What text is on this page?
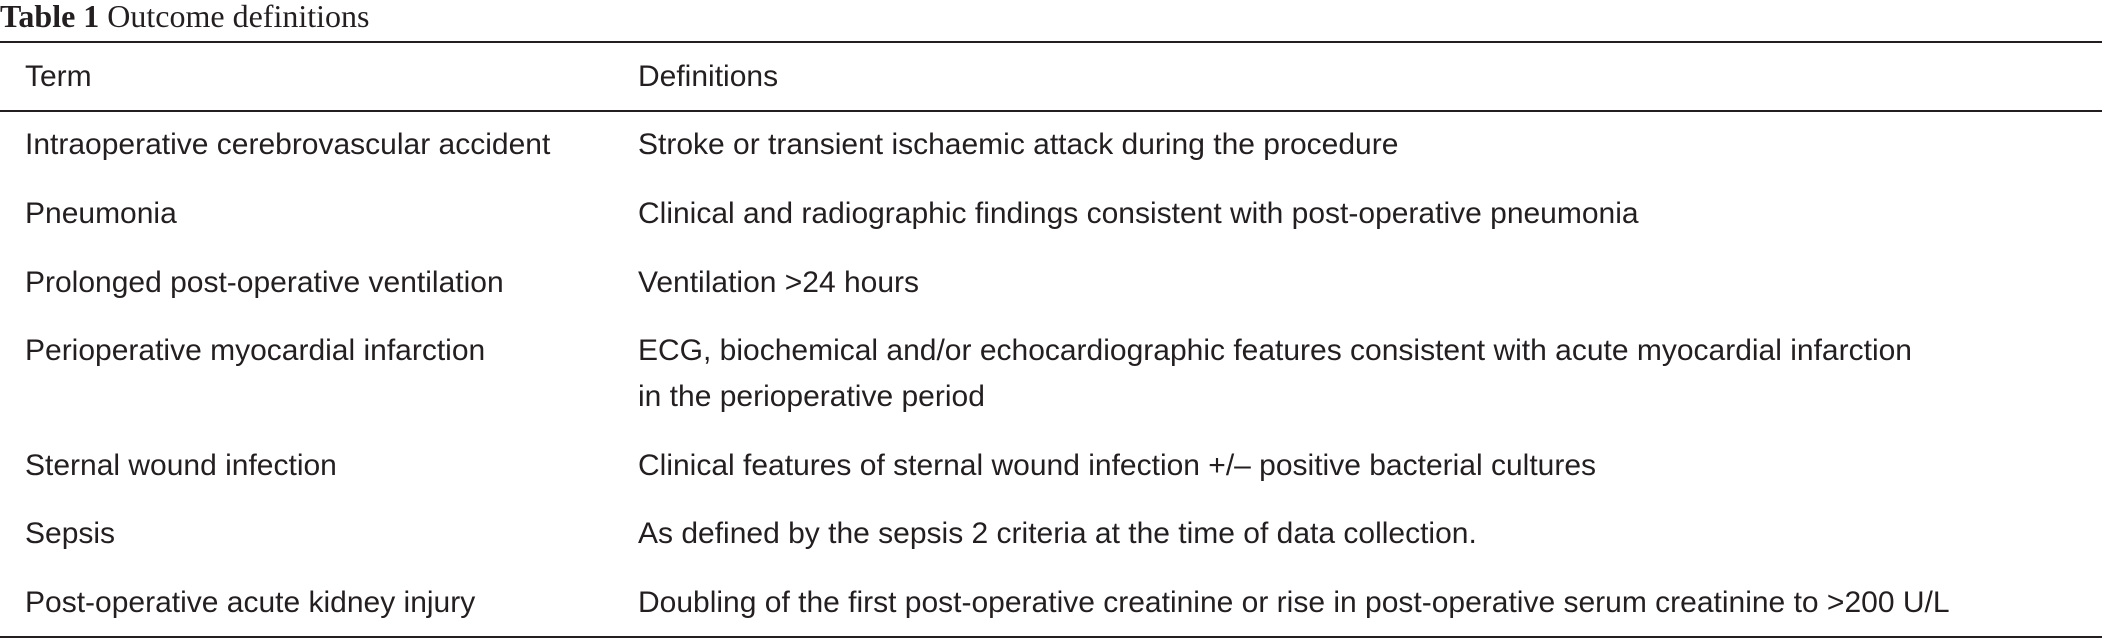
Table 1 Outcome definitions
Term	Definitions
Intraoperative cerebrovascular accident	Stroke or transient ischaemic attack during the procedure
Pneumonia	Clinical and radiographic findings consistent with post-operative pneumonia
Prolonged post-operative ventilation	Ventilation >24 hours
Perioperative myocardial infarction	ECG, biochemical and/or echocardiographic features consistent with acute myocardial infarction
in the perioperative period
Sternal wound infection	Clinical features of sternal wound infection +/– positive bacterial cultures
Sepsis	As defined by the sepsis 2 criteria at the time of data collection.
Post-operative acute kidney injury	Doubling of the first post-operative creatinine or rise in post-operative serum creatinine to >200 U/L
